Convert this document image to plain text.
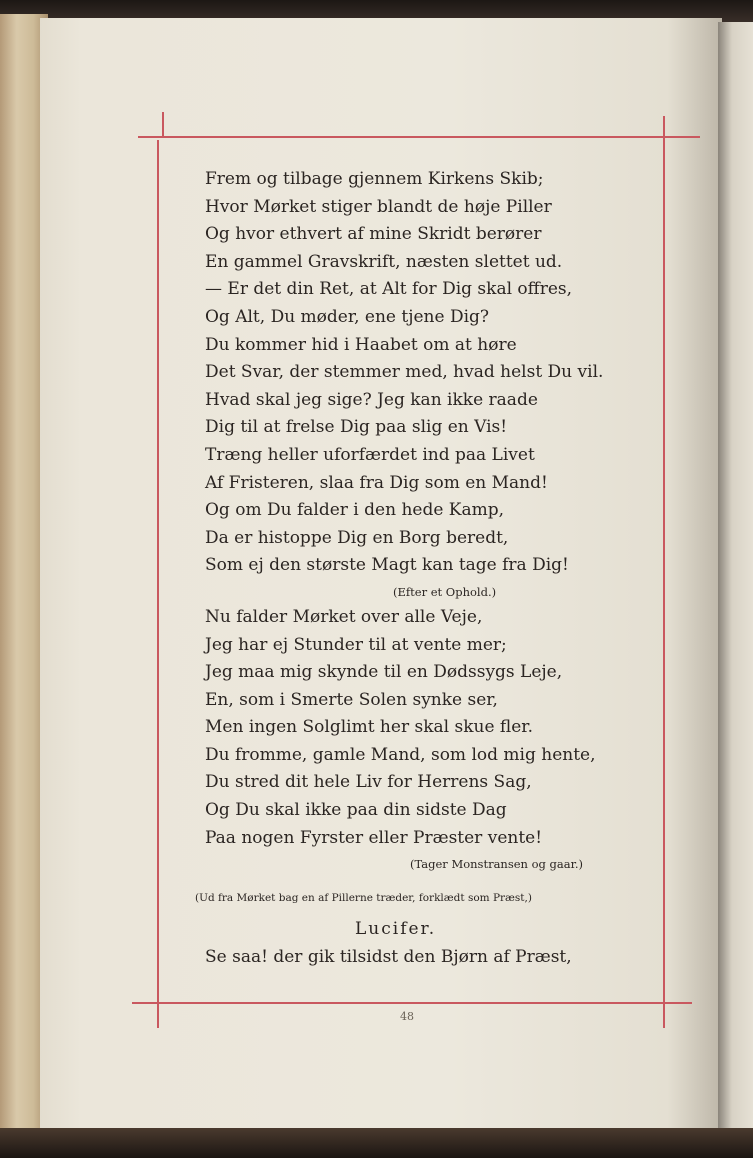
Frem og tilbage gjennem Kirkens Skib;
Hvor Mørket stiger blandt de høje Piller
Og hvor ethvert af mine Skridt berører
En gammel Gravskrift, næsten slettet ud.
— Er det din Ret, at Alt for Dig skal offres,
Og Alt, Du møder, ene tjene Dig?
Du kommer hid i Haabet om at høre
Det Svar, der stemmer med, hvad helst Du vil.
Hvad skal jeg sige? Jeg kan ikke raade
Dig til at frelse Dig paa slig en Vis!
Træng heller uforfærdet ind paa Livet
Af Fristeren, slaa fra Dig som en Mand!
Og om Du falder i den hede Kamp,
Da er histoppe Dig en Borg beredt,
Som ej den største Magt kan tage fra Dig!
(Efter et Ophold.)
Nu falder Mørket over alle Veje,
Jeg har ej Stunder til at vente mer;
Jeg maa mig skynde til en Dødssygs Leje,
En, som i Smerte Solen synke ser,
Men ingen Solglimt her skal skue fler.
Du fromme, gamle Mand, som lod mig hente,
Du stred dit hele Liv for Herrens Sag,
Og Du skal ikke paa din sidste Dag
Paa nogen Fyrster eller Præster vente!
(Tager Monstransen og gaar.)
(Ud fra Mørket bag en af Pillerne træder, forklædt som Præst,)
Lucifer.
Se saa! der gik tilsidst den Bjørn af Præst,
48
